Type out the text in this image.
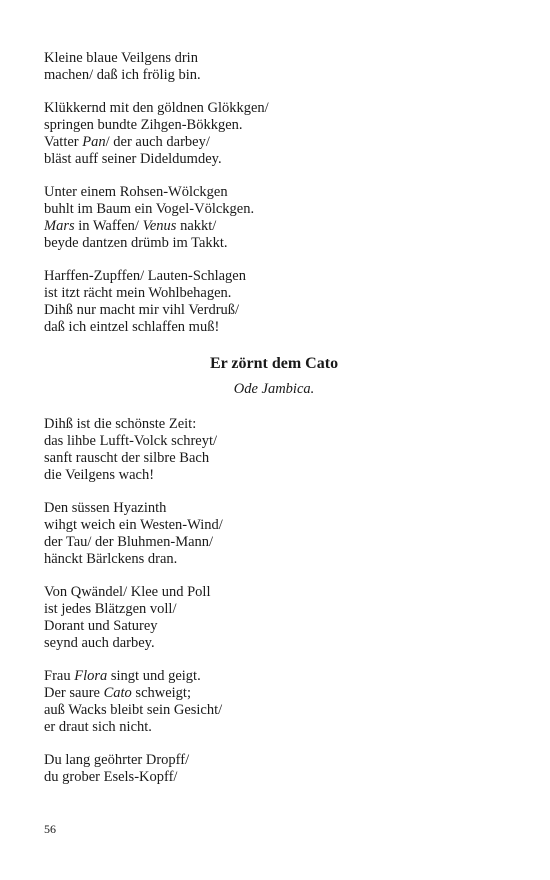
Kleine blaue Veilgens drin
machen/ daß ich frölig bin.
Klükkernd mit den göldnen Glökkgen/
springen bundte Zihgen-Bökkgen.
Vatter Pan/ der auch darbey/
bläst auff seiner Dideldumdey.
Unter einem Rohsen-Wölckgen
buhlt im Baum ein Vogel-Völckgen.
Mars in Waffen/ Venus nakkt/
beyde dantzen drümb im Takkt.
Harffen-Zupffen/ Lauten-Schlagen
ist itzt rächt mein Wohlbehagen.
Dihß nur macht mir vihl Verdruß/
daß ich eintzel schlaffen muß!
Er zörnt dem Cato
Ode Jambica.
Dihß ist die schönste Zeit:
das lihbe Lufft-Volck schreyt/
sanft rauscht der silbre Bach
die Veilgens wach!
Den süssen Hyazinth
wihgt weich ein Westen-Wind/
der Tau/ der Bluhmen-Mann/
hänckt Bärlckens dran.
Von Qwändel/ Klee und Poll
ist jedes Blätzgen voll/
Dorant und Saturey
seynd auch darbey.
Frau Flora singt und geigt.
Der saure Cato schweigt;
auß Wacks bleibt sein Gesicht/
er draut sich nicht.
Du lang geöhrter Dropff/
du grober Esels-Kopff/
56
